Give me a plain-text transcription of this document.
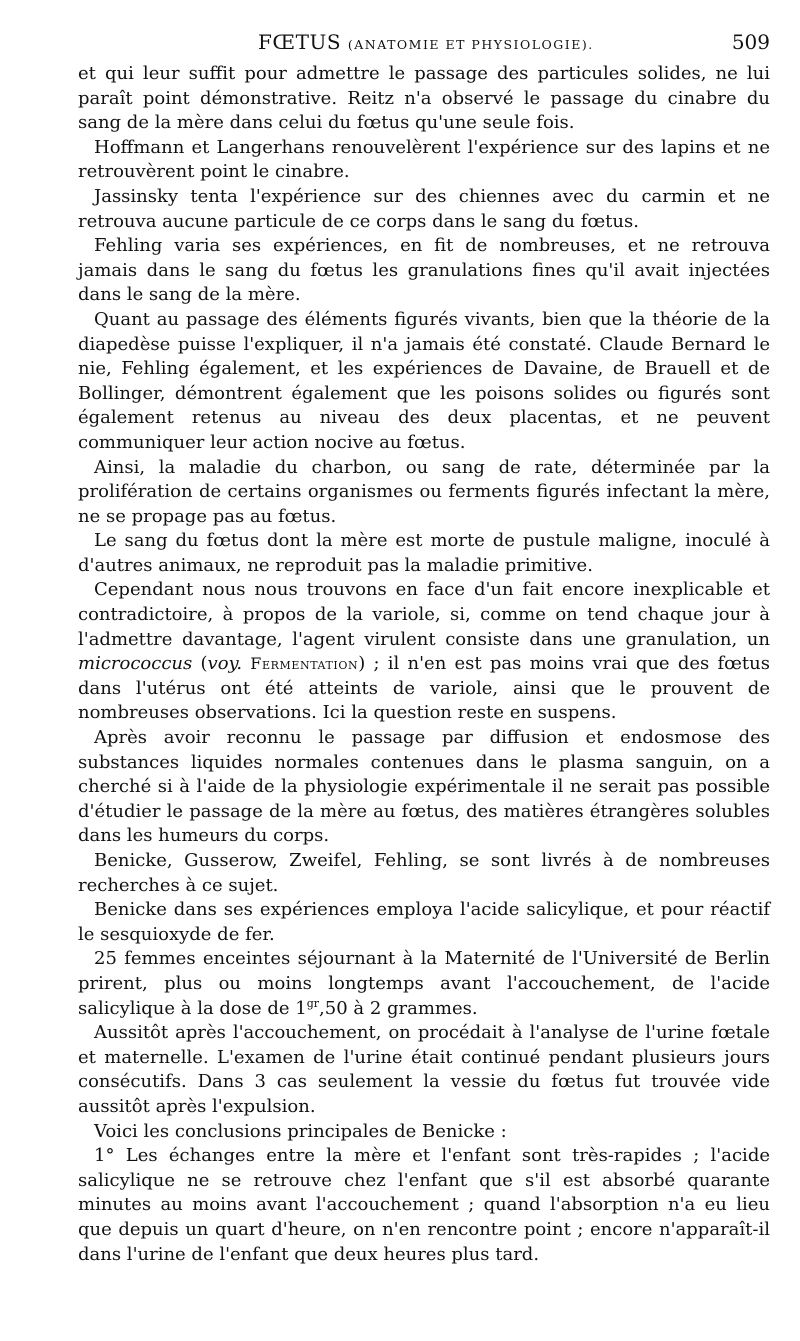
FŒTUS (ANATOMIE ET PHYSIOLOGIE).	509

et qui leur suffit pour admettre le passage des particules solides, ne lui paraît point démonstrative. Reitz n'a observé le passage du cinabre du sang de la mère dans celui du fœtus qu'une seule fois.

Hoffmann et Langerhans renouvelèrent l'expérience sur des lapins et ne retrouvèrent point le cinabre.

Jassinsky tenta l'expérience sur des chiennes avec du carmin et ne retrouva aucune particule de ce corps dans le sang du fœtus.

Fehling varia ses expériences, en fit de nombreuses, et ne retrouva jamais dans le sang du fœtus les granulations fines qu'il avait injectées dans le sang de la mère.

Quant au passage des éléments figurés vivants, bien que la théorie de la diapedèse puisse l'expliquer, il n'a jamais été constaté. Claude Bernard le nie, Fehling également, et les expériences de Davaine, de Brauell et de Bollinger, démontrent également que les poisons solides ou figurés sont également retenus au niveau des deux placentas, et ne peuvent communiquer leur action nocive au fœtus.

Ainsi, la maladie du charbon, ou sang de rate, déterminée par la prolifération de certains organismes ou ferments figurés infectant la mère, ne se propage pas au fœtus.

Le sang du fœtus dont la mère est morte de pustule maligne, inoculé à d'autres animaux, ne reproduit pas la maladie primitive.

Cependant nous nous trouvons en face d'un fait encore inexplicable et contradictoire, à propos de la variole, si, comme on tend chaque jour à l'admettre davantage, l'agent virulent consiste dans une granulation, un micrococcus (voy. Fermentation) ; il n'en est pas moins vrai que des fœtus dans l'utérus ont été atteints de variole, ainsi que le prouvent de nombreuses observations. Ici la question reste en suspens.

Après avoir reconnu le passage par diffusion et endosmose des substances liquides normales contenues dans le plasma sanguin, on a cherché si à l'aide de la physiologie expérimentale il ne serait pas possible d'étudier le passage de la mère au fœtus, des matières étrangères solubles dans les humeurs du corps.

Benicke, Gusserow, Zweifel, Fehling, se sont livrés à de nombreuses recherches à ce sujet.

Benicke dans ses expériences employa l'acide salicylique, et pour réactif le sesquioxyde de fer.

25 femmes enceintes séjournant à la Maternité de l'Université de Berlin prirent, plus ou moins longtemps avant l'accouchement, de l'acide salicylique à la dose de $1^{gr},50$ à 2 grammes.

Aussitôt après l'accouchement, on procédait à l'analyse de l'urine fœtale et maternelle. L'examen de l'urine était continué pendant plusieurs jours consécutifs. Dans 3 cas seulement la vessie du fœtus fut trouvée vide aussitôt après l'expulsion.

Voici les conclusions principales de Benicke :

1° Les échanges entre la mère et l'enfant sont très-rapides ; l'acide salicylique ne se retrouve chez l'enfant que s'il est absorbé quarante minutes au moins avant l'accouchement ; quand l'absorption n'a eu lieu que depuis un quart d'heure, on n'en rencontre point ; encore n'apparaît-il dans l'urine de l'enfant que deux heures plus tard.
